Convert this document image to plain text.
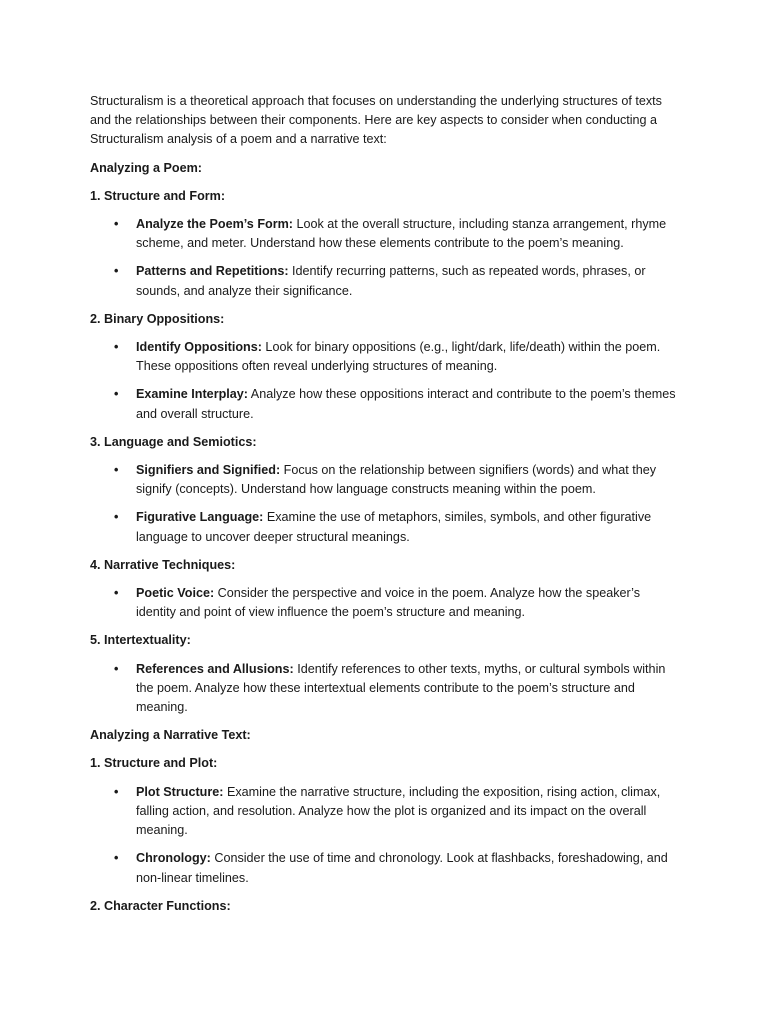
Structuralism is a theoretical approach that focuses on understanding the underlying structures of texts and the relationships between their components. Here are key aspects to consider when conducting a Structuralism analysis of a poem and a narrative text:

Analyzing a Poem:

1. Structure and Form:

• Analyze the Poem’s Form: Look at the overall structure, including stanza arrangement, rhyme scheme, and meter. Understand how these elements contribute to the poem’s meaning.
• Patterns and Repetitions: Identify recurring patterns, such as repeated words, phrases, or sounds, and analyze their significance.

2. Binary Oppositions:

• Identify Oppositions: Look for binary oppositions (e.g., light/dark, life/death) within the poem. These oppositions often reveal underlying structures of meaning.
• Examine Interplay: Analyze how these oppositions interact and contribute to the poem’s themes and overall structure.

3. Language and Semiotics:

• Signifiers and Signified: Focus on the relationship between signifiers (words) and what they signify (concepts). Understand how language constructs meaning within the poem.
• Figurative Language: Examine the use of metaphors, similes, symbols, and other figurative language to uncover deeper structural meanings.

4. Narrative Techniques:

• Poetic Voice: Consider the perspective and voice in the poem. Analyze how the speaker’s identity and point of view influence the poem’s structure and meaning.

5. Intertextuality:

• References and Allusions: Identify references to other texts, myths, or cultural symbols within the poem. Analyze how these intertextual elements contribute to the poem’s structure and meaning.

Analyzing a Narrative Text:

1. Structure and Plot:

• Plot Structure: Examine the narrative structure, including the exposition, rising action, climax, falling action, and resolution. Analyze how the plot is organized and its impact on the overall meaning.
• Chronology: Consider the use of time and chronology. Look at flashbacks, foreshadowing, and non-linear timelines.

2. Character Functions:
